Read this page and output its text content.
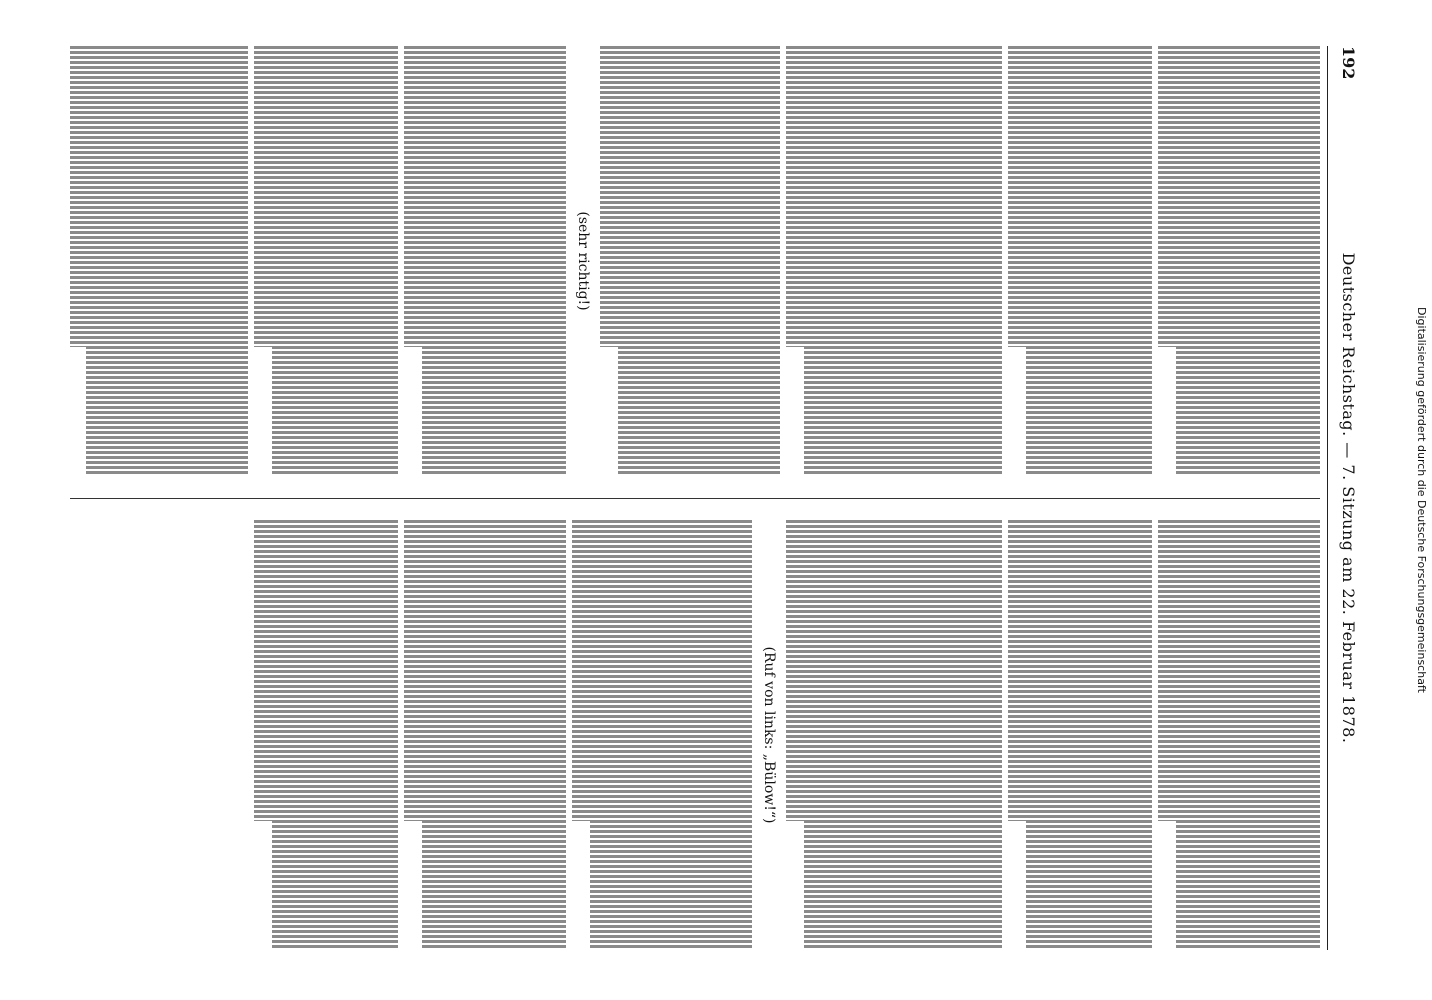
192
Deutscher Reichstag. — 7. Sitzung am 22. Februar 1878.
(sehr richtig!)
(Ruf von links: „Bülow!“)
Digitalisierung gefördert durch die Deutsche Forschungsgemeinschaft
